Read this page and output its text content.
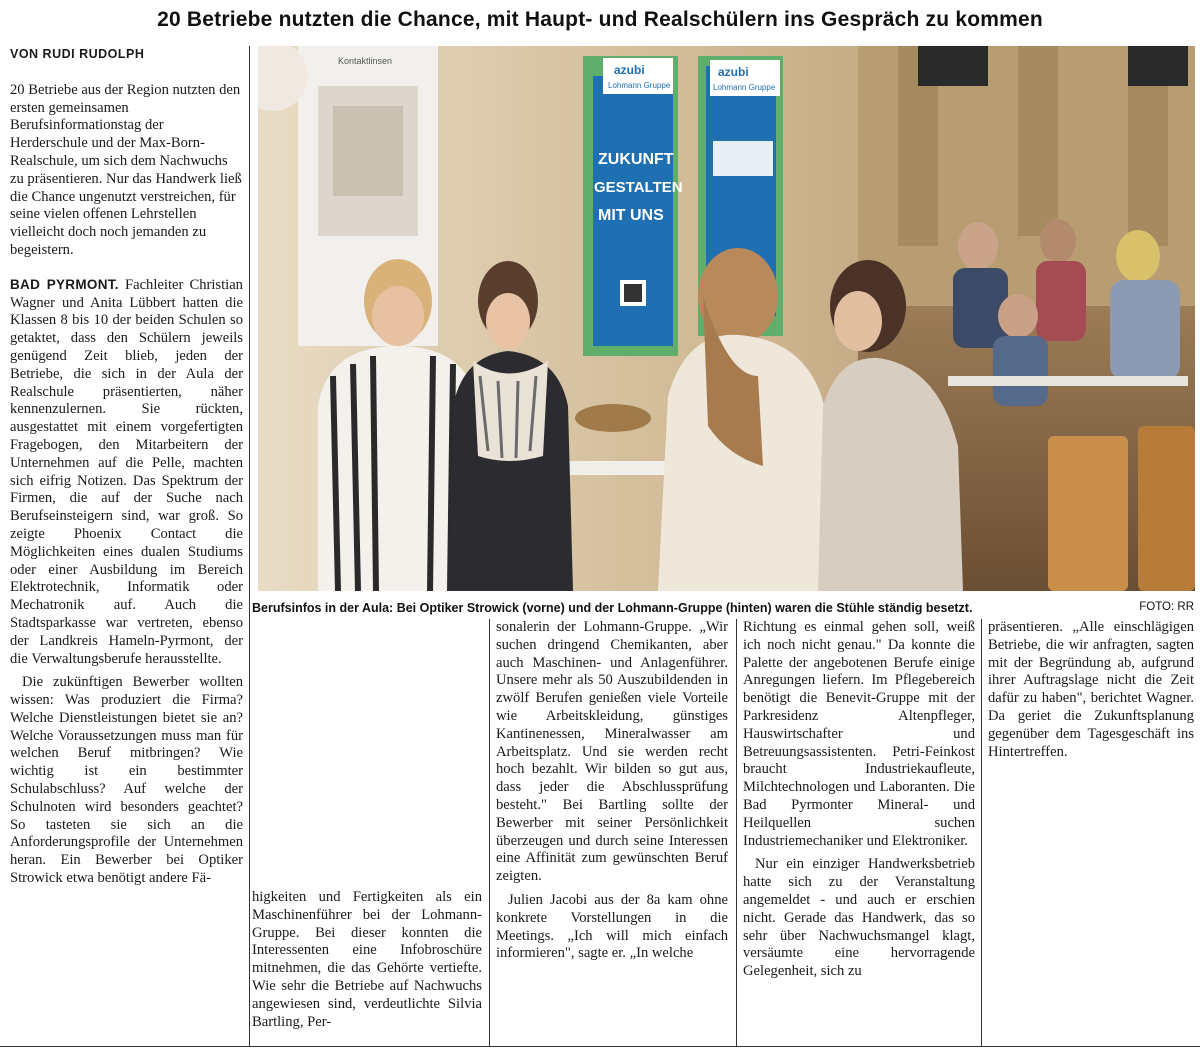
20 Betriebe nutzten die Chance, mit Haupt- und Realschülern ins Gespräch zu kommen

VON RUDI RUDOLPH

20 Betriebe aus der Region nutzten den ersten gemeinsamen Berufsinformationstag der Herderschule und der Max-Born-Realschule, um sich dem Nachwuchs zu präsentieren. Nur das Handwerk ließ die Chance ungenutzt verstreichen, für seine vielen offenen Lehrstellen vielleicht doch noch jemanden zu begeistern.

BAD PYRMONT. Fachleiter Christian Wagner und Anita Lübbert hatten die Klassen 8 bis 10 der beiden Schulen so getaktet, dass den Schülern jeweils genügend Zeit blieb, jeden der Betriebe, die sich in der Aula der Realschule präsentierten, näher kennenzulernen. Sie rückten, ausgestattet mit einem vorgefertigten Fragebogen, den Mitarbeitern der Unternehmen auf die Pelle, machten sich eifrig Notizen. Das Spektrum der Firmen, die auf der Suche nach Berufseinsteigern sind, war groß. So zeigte Phoenix Contact die Möglichkeiten eines dualen Studiums oder einer Ausbildung im Bereich Elektrotechnik, Informatik oder Mechatronik auf. Auch die Stadtsparkasse war vertreten, ebenso der Landkreis Hameln-Pyrmont, der die Verwaltungsberufe herausstellte.

Die zukünftigen Bewerber wollten wissen: Was produziert die Firma? Welche Dienstleistungen bietet sie an? Welche Voraussetzungen muss man für welchen Beruf mitbringen? Wie wichtig ist ein bestimmter Schulabschluss? Auf welche der Schulnoten wird besonders geachtet? So tasteten sie sich an die Anforderungsprofile der Unternehmen heran. Ein Bewerber bei Optiker Strowick etwa benötigt andere Fä-

Kontaktlinsen
azubi
Lohmann Gruppe
ZUKUNFT
GESTALTEN
MIT UNS
azubi
Lohmann Gruppe
Berufsinfos in der Aula: Bei Optiker Strowick (vorne) und der Lohmann-Gruppe (hinten) waren die Stühle ständig besetzt.	FOTO: RR

higkeiten und Fertigkeiten als ein Maschinenführer bei der Lohmann-Gruppe. Bei dieser konnten die Interessenten eine Infobroschüre mitnehmen, die das Gehörte vertiefte. Wie sehr die Betriebe auf Nachwuchs angewiesen sind, verdeutlichte Silvia Bartling, Per-

sonalerin der Lohmann-Gruppe. „Wir suchen dringend Chemikanten, aber auch Maschinen- und Anlagenführer. Unsere mehr als 50 Auszubildenden in zwölf Berufen genießen viele Vorteile wie Arbeitskleidung, günstiges Kantinenessen, Mineralwasser am Arbeitsplatz. Und sie werden recht hoch bezahlt. Wir bilden so gut aus, dass jeder die Abschlussprüfung besteht." Bei Bartling sollte der Bewerber mit seiner Persönlichkeit überzeugen und durch seine Interessen eine Affinität zum gewünschten Beruf zeigten.

Julien Jacobi aus der 8a kam ohne konkrete Vorstellungen in die Meetings. „Ich will mich einfach informieren", sagte er. „In welche

Richtung es einmal gehen soll, weiß ich noch nicht genau." Da konnte die Palette der angebotenen Berufe einige Anregungen liefern. Im Pflegebereich benötigt die Benevit-Gruppe mit der Parkresidenz Altenpfleger, Hauswirtschafter und Betreuungsassistenten. Petri-Feinkost braucht Industriekaufleute, Milchtechnologen und Laboranten. Die Bad Pyrmonter Mineral- und Heilquellen suchen Industriemechaniker und Elektroniker.

Nur ein einziger Handwerksbetrieb hatte sich zu der Veranstaltung angemeldet - und auch er erschien nicht. Gerade das Handwerk, das so sehr über Nachwuchsmangel klagt, versäumte eine hervorragende Gelegenheit, sich zu

präsentieren. „Alle einschlägigen Betriebe, die wir anfragten, sagten mit der Begründung ab, aufgrund ihrer Auftragslage nicht die Zeit dafür zu haben", berichtet Wagner. Da geriet die Zukunftsplanung gegenüber dem Tagesgeschäft ins Hintertreffen.
